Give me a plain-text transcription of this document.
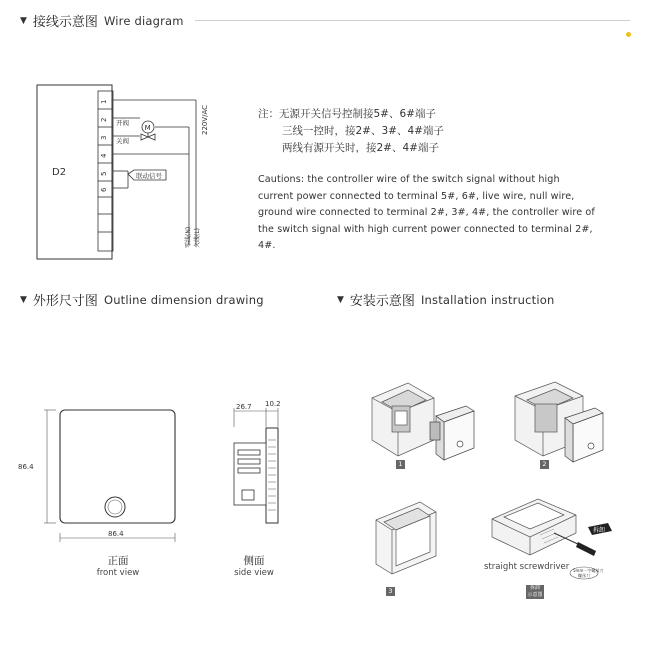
▼ 接线示意图 Wire diagram
D2
1
2
3
4
5
6
M
开阀
关阀
联动信号
220V/AC
零线(N) 火线(L)
注：无源开关信号控制接5#、6#端子
三线一控时，接2#、3#、4#端子
两线有源开关时，接2#、4#端子
Cautions: the controller wire of the switch signal without high current power connected to terminal 5#, 6#, live wire, null wire, ground wire connected to terminal 2#, 3#, 4#, the controller wire of the switch signal with high current power connected to terminal 2#, 4#.
▼ 外形尺寸图 Outline dimension drawing
86.4
86.4
正面
front view
26.7 10.2
侧面
side view
▼ 安装示意图 Installation instruction
1	2
3
拆卸
5mm一字螺丝刀
螺丝刀
straight screwdriver
拆卸
示意图
